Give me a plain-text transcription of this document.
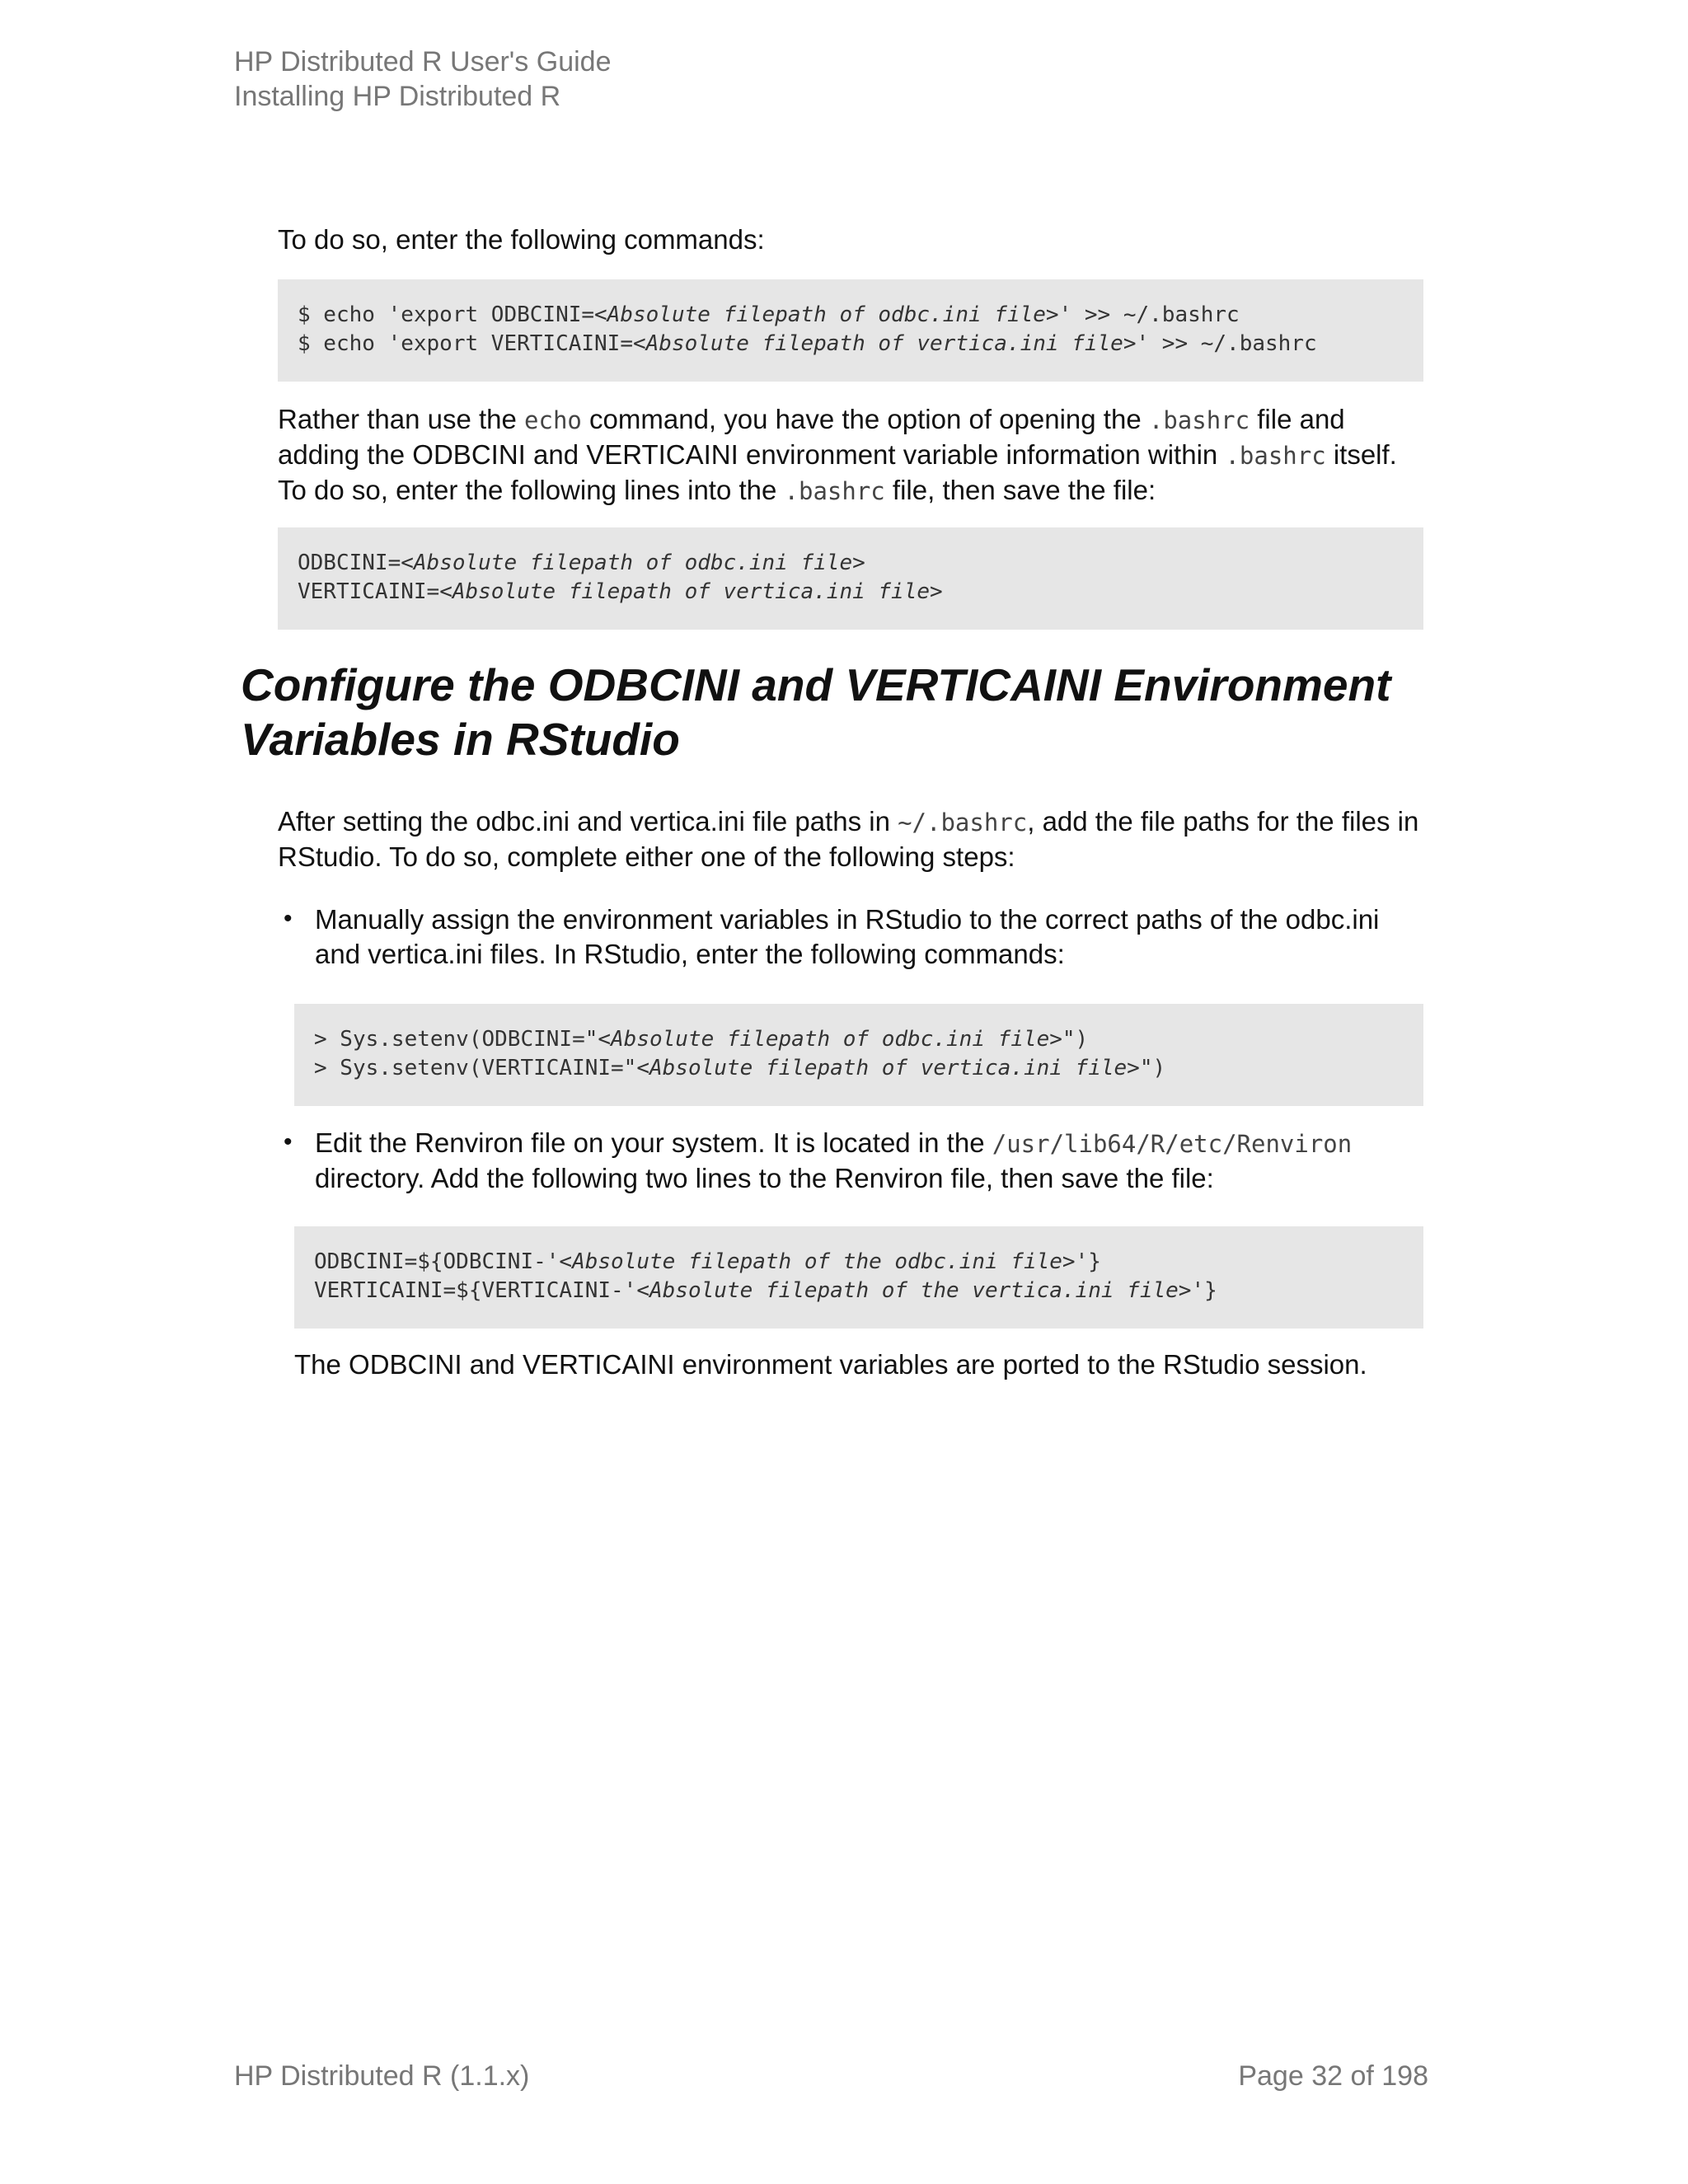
HP Distributed R User's Guide
Installing HP Distributed R

To do so, enter the following commands:

$ echo 'export ODBCINI=<Absolute filepath of odbc.ini file>' >> ~/.bashrc
$ echo 'export VERTICAINI=<Absolute filepath of vertica.ini file>' >> ~/.bashrc

Rather than use the echo command, you have the option of opening the .bashrc file and adding the ODBCINI and VERTICAINI environment variable information within .bashrc itself. To do so, enter the following lines into the .bashrc file, then save the file:

ODBCINI=<Absolute filepath of odbc.ini file>
VERTICAINI=<Absolute filepath of vertica.ini file>
Configure the ODBCINI and VERTICAINI Environment Variables in RStudio

After setting the odbc.ini and vertica.ini file paths in ~/.bashrc, add the file paths for the files in RStudio. To do so, complete either one of the following steps:

• Manually assign the environment variables in RStudio to the correct paths of the odbc.ini and vertica.ini files. In RStudio, enter the following commands:

> Sys.setenv(ODBCINI="<Absolute filepath of odbc.ini file>")
> Sys.setenv(VERTICAINI="<Absolute filepath of vertica.ini file>")
• Edit the Renviron file on your system. It is located in the /usr/lib64/R/etc/Renviron directory. Add the following two lines to the Renviron file, then save the file:

ODBCINI=${ODBCINI-'<Absolute filepath of the odbc.ini file>'}
VERTICAINI=${VERTICAINI-'<Absolute filepath of the vertica.ini file>'}

The ODBCINI and VERTICAINI environment variables are ported to the RStudio session.

HP Distributed R (1.1.x)	Page 32 of 198
